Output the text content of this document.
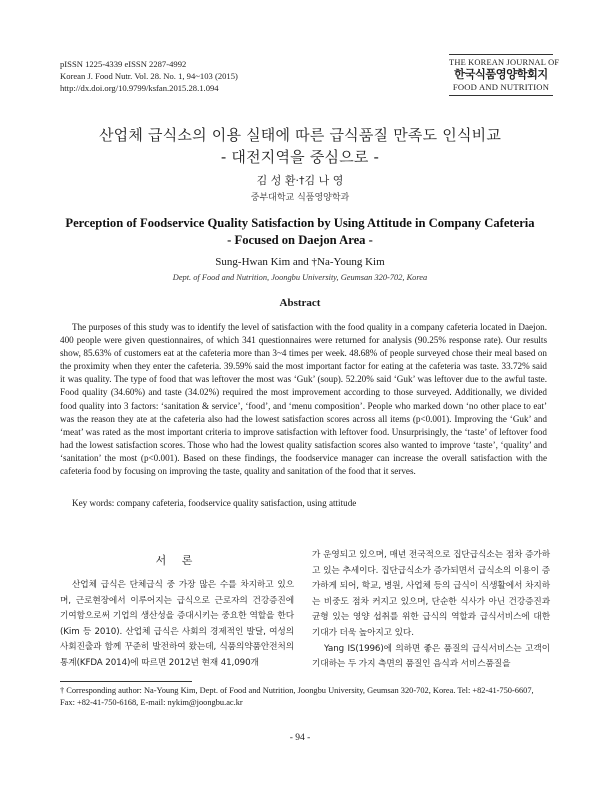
pISSN 1225-4339 eISSN 2287-4992
Korean J. Food Nutr. Vol. 28. No. 1, 94~103 (2015)
http://dx.doi.org/10.9799/ksfan.2015.28.1.094
THE KOREAN JOURNAL OF
한국식품영양학회지
FOOD AND NUTRITION
산업체 급식소의 이용 실태에 따른 급식품질 만족도 인식비교
- 대전지역을 중심으로 -
김 성 환·†김 나 영
중부대학교 식품영양학과
Perception of Foodservice Quality Satisfaction by Using Attitude in Company Cafeteria
- Focused on Daejon Area -
Sung-Hwan Kim and †Na-Young Kim
Dept. of Food and Nutrition, Joongbu University, Geumsan 320-702, Korea
Abstract

The purposes of this study was to identify the level of satisfaction with the food quality in a company cafeteria located in Daejon. 400 people were given questionnaires, of which 341 questionnaires were returned for analysis (90.25% response rate). Our results show, 85.63% of customers eat at the cafeteria more than 3~4 times per week. 48.68% of people surveyed chose their meal based on the proximity when they enter the cafeteria. 39.59% said the most important factor for eating at the cafeteria was taste. 33.72% said it was quality. The type of food that was leftover the most was ‘Guk’ (soup). 52.20% said ‘Guk’ was leftover due to the awful taste. Food quality (34.60%) and taste (34.02%) required the most improvement according to those surveyed. Additionally, we divided food quality into 3 factors: ‘sanitation & service’, ‘food’, and ‘menu composition’. People who marked down ‘no other place to eat’ was the reason they ate at the cafeteria also had the lowest satisfaction scores across all items (p<0.001). Improving the ‘Guk’ and ‘meat’ was rated as the most important criteria to improve satisfaction with leftover food. Unsurprisingly, the ‘taste’ of leftover food had the lowest satisfaction scores. Those who had the lowest quality satisfaction scores also wanted to improve ‘taste’, ‘quality’ and ‘sanitation’ the most (p<0.001). Based on these findings, the foodservice manager can increase the overall satisfaction with the cafeteria food by focusing on improving the taste, quality and sanitation of the food that it serves.

Key words: company cafeteria, foodservice quality satisfaction, using attitude
서 론

산업체 급식은 단체급식 중 가장 많은 수를 차지하고 있으며, 근로현장에서 이루어지는 급식으로 근로자의 건강증진에 기여함으로써 기업의 생산성을 증대시키는 중요한 역할을 한다(Kim 등 2010). 산업체 급식은 사회의 경제적인 발달, 여성의 사회진출과 함께 꾸준히 발전하여 왔는데, 식품의약품안전처의 통계(KFDA 2014)에 따르면 2012년 현재 41,090개

가 운영되고 있으며, 매년 전국적으로 집단급식소는 점차 증가하고 있는 추세이다. 집단급식소가 증가되면서 급식소의 이용이 증가하게 되어, 학교, 병원, 사업체 등의 급식이 식생활에서 차지하는 비중도 점차 커지고 있으며, 단순한 식사가 아닌 건강증진과 균형 있는 영양 섭취를 위한 급식의 역할과 급식서비스에 대한 기대가 더욱 높아지고 있다.

Yang IS(1996)에 의하면 좋은 품질의 급식서비스는 고객이 기대하는 두 가지 측면의 품질인 음식과 서비스품질을

† Corresponding author: Na-Young Kim, Dept. of Food and Nutrition, Joongbu University, Geumsan 320-702, Korea. Tel: +82-41-750-6607, Fax: +82-41-750-6168, E-mail: nykim@joongbu.ac.kr
- 94 -
